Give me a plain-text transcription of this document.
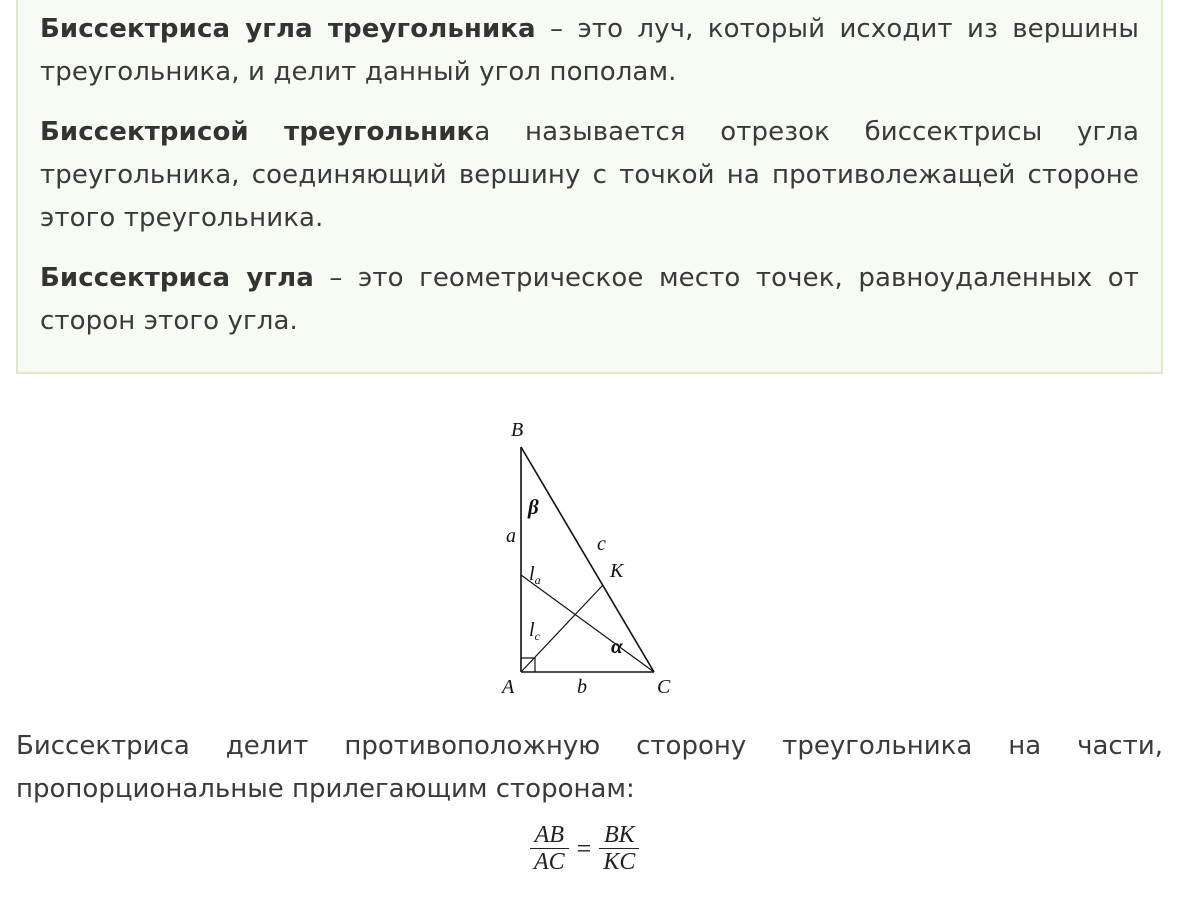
Биссектриса угла треугольника – это луч, который исходит из вершины треугольника, и делит данный угол пополам.

Биссектрисой треугольника называется отрезок биссектрисы угла треугольника, соединяющий вершину с точкой на противолежащей стороне этого треугольника.

Биссектриса угла – это геометрическое место точек, равноудаленных от сторон этого угла.

B
A	C
K
a
b
c
β
α
$l_a$
$l_c$

Биссектриса делит противоположную сторону треугольника на части, пропорциональные прилегающим сторонам:

$\frac{AB}{AC} = \frac{BK}{KC}$
